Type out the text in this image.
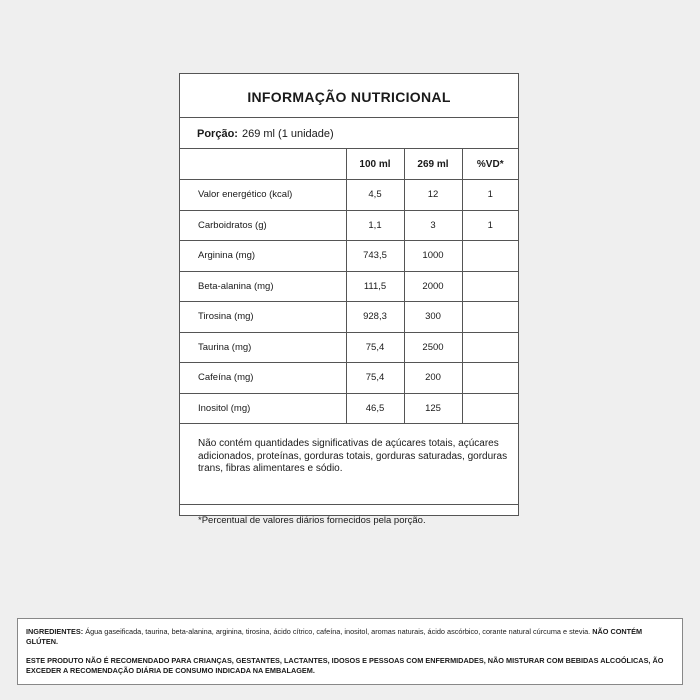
INFORMAÇÃO NUTRICIONAL
Porção: 269 ml (1 unidade)
	100 ml	269 ml	%VD*
Valor energético (kcal)	4,5	12	1
Carboidratos (g)	1,1	3	1
Arginina (mg)	743,5	1000	
Beta-alanina (mg)	111,5	2000	
Tirosina (mg)	928,3	300	
Taurina (mg)	75,4	2500	
Cafeína (mg)	75,4	200	
Inositol (mg)	46,5	125	
Não contém quantidades significativas de açúcares totais, açúcares adicionados, proteínas, gorduras totais, gorduras saturadas, gorduras trans, fibras alimentares e sódio.
*Percentual de valores diários fornecidos pela porção.

INGREDIENTES: Água gaseificada, taurina, beta-alanina, arginina, tirosina, ácido cítrico, cafeína, inositol, aromas naturais, ácido ascórbico, corante natural cúrcuma e stevia. NÃO CONTÉM GLÚTEN.

ESTE PRODUTO NÃO É RECOMENDADO PARA CRIANÇAS, GESTANTES, LACTANTES, IDOSOS E PESSOAS COM ENFERMIDADES, NÃO MISTURAR COM BEBIDAS ALCOÓLICAS, ÃO EXCEDER A RECOMENDAÇÃO DIÁRIA DE CONSUMO INDICADA NA EMBALAGEM.
